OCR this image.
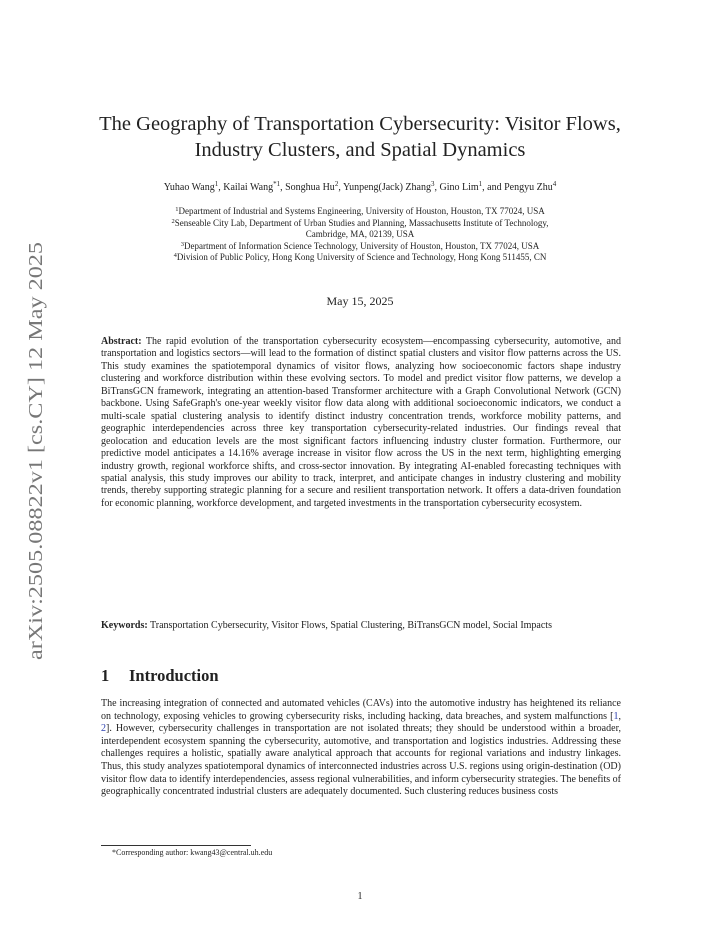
arXiv:2505.08822v1 [cs.CY] 12 May 2025
The Geography of Transportation Cybersecurity: Visitor Flows,
Industry Clusters, and Spatial Dynamics
Yuhao Wang$^1$, Kailai Wang$^{*1}$, Songhua Hu$^2$, Yunpeng(Jack) Zhang$^3$, Gino Lim$^1$, and Pengyu Zhu$^4$
$^1$Department of Industrial and Systems Engineering, University of Houston, Houston, TX 77024, USA
$^2$Senseable City Lab, Department of Urban Studies and Planning, Massachusetts Institute of Technology,
Cambridge, MA, 02139, USA
$^3$Department of Information Science Technology, University of Houston, Houston, TX 77024, USA
$^4$Division of Public Policy, Hong Kong University of Science and Technology, Hong Kong 511455, CN
May 15, 2025
Abstract: The rapid evolution of the transportation cybersecurity ecosystem—encompassing cybersecurity, automotive, and transportation and logistics sectors—will lead to the formation of distinct spatial clusters and visitor flow patterns across the US. This study examines the spatiotemporal dynamics of visitor flows, analyzing how socioeconomic factors shape industry clustering and workforce distribution within these evolving sectors. To model and predict visitor flow patterns, we develop a BiTransGCN framework, integrating an attention-based Transformer architecture with a Graph Convolutional Network (GCN) backbone. Using SafeGraph's one-year weekly visitor flow data along with additional socioeconomic indicators, we conduct a multi-scale spatial clustering analysis to identify distinct industry concentration trends, workforce mobility patterns, and geographic interdependencies across three key transportation cybersecurity-related industries. Our findings reveal that geolocation and education levels are the most significant factors influencing industry cluster formation. Furthermore, our predictive model anticipates a 14.16% average increase in visitor flow across the US in the next term, highlighting emerging industry growth, regional workforce shifts, and cross-sector innovation. By integrating AI-enabled forecasting techniques with spatial analysis, this study improves our ability to track, interpret, and anticipate changes in industry clustering and mobility trends, thereby supporting strategic planning for a secure and resilient transportation network. It offers a data-driven foundation for economic planning, workforce development, and targeted investments in the transportation cybersecurity ecosystem.
Keywords: Transportation Cybersecurity, Visitor Flows, Spatial Clustering, BiTransGCN model, Social Impacts
1 Introduction
The increasing integration of connected and automated vehicles (CAVs) into the automotive industry has heightened its reliance on technology, exposing vehicles to growing cybersecurity risks, including hacking, data breaches, and system malfunctions [1, 2]. However, cybersecurity challenges in transportation are not isolated threats; they should be understood within a broader, interdependent ecosystem spanning the cybersecurity, automotive, and transportation and logistics industries. Addressing these challenges requires a holistic, spatially aware analytical approach that accounts for regional variations and industry linkages. Thus, this study analyzes spatiotemporal dynamics of interconnected industries across U.S. regions using origin-destination (OD) visitor flow data to identify interdependencies, assess regional vulnerabilities, and inform cybersecurity strategies. The benefits of geographically concentrated industrial clusters are adequately documented. Such clustering reduces business costs
*Corresponding author: kwang43@central.uh.edu
1
